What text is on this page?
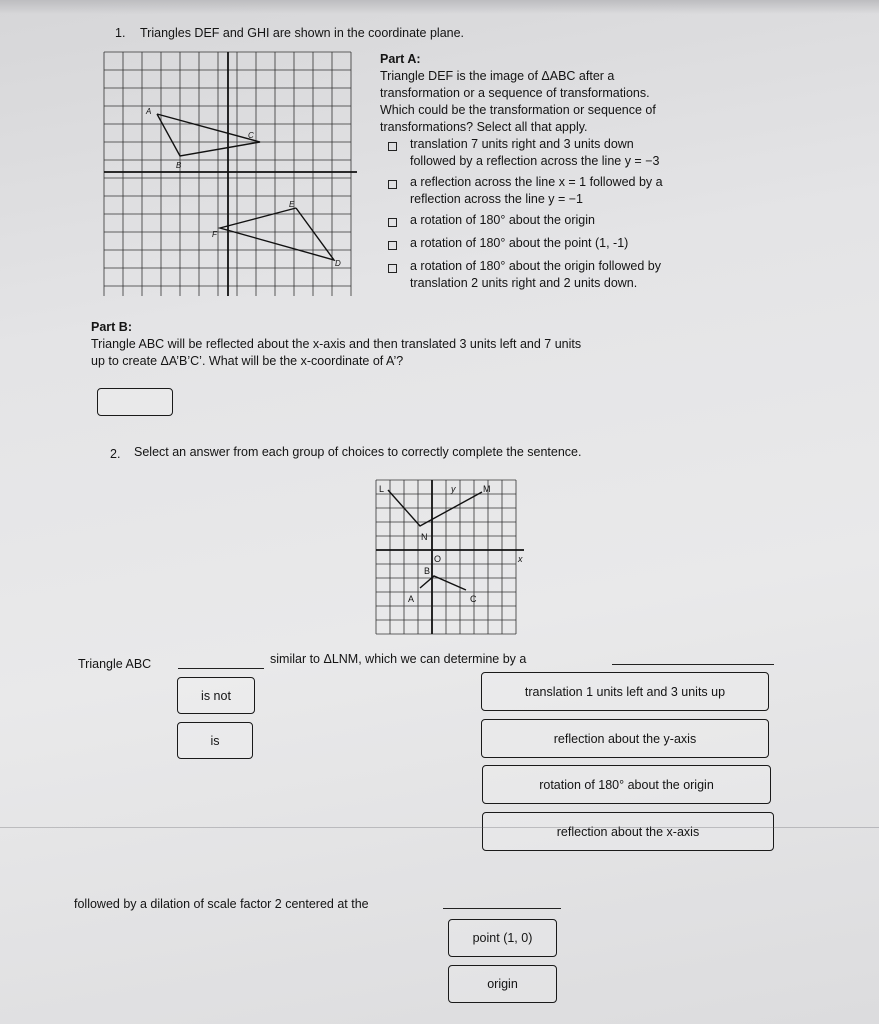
1. Triangles DEF and GHI are shown in the coordinate plane.
A
B
C
D
E
F
Part A:
Triangle DEF is the image of ΔABC after a
transformation or a sequence of transformations.
Which could be the transformation or sequence of
transformations? Select all that apply.
translation 7 units right and 3 units down
followed by a reflection across the line y = −3
a reflection across the line x = 1 followed by a
reflection across the line y = −1
a rotation of 180° about the origin
a rotation of 180° about the point (1, -1)
a rotation of 180° about the origin followed by
translation 2 units right and 2 units down.
Part B:
Triangle ABC will be reflected about the x-axis and then translated 3 units left and 7 units
up to create ΔA’B’C’. What will be the x-coordinate of A’?
2. Select an answer from each group of choices to correctly complete the sentence.
L	y	M
N
O	x
B
A	C
Triangle ABC	similar to ΔLNM, which we can determine by a
is not
is
translation 1 units left and 3 units up
reflection about the y-axis
rotation of 180° about the origin
reflection about the x-axis
followed by a dilation of scale factor 2 centered at the
point (1, 0)
origin
